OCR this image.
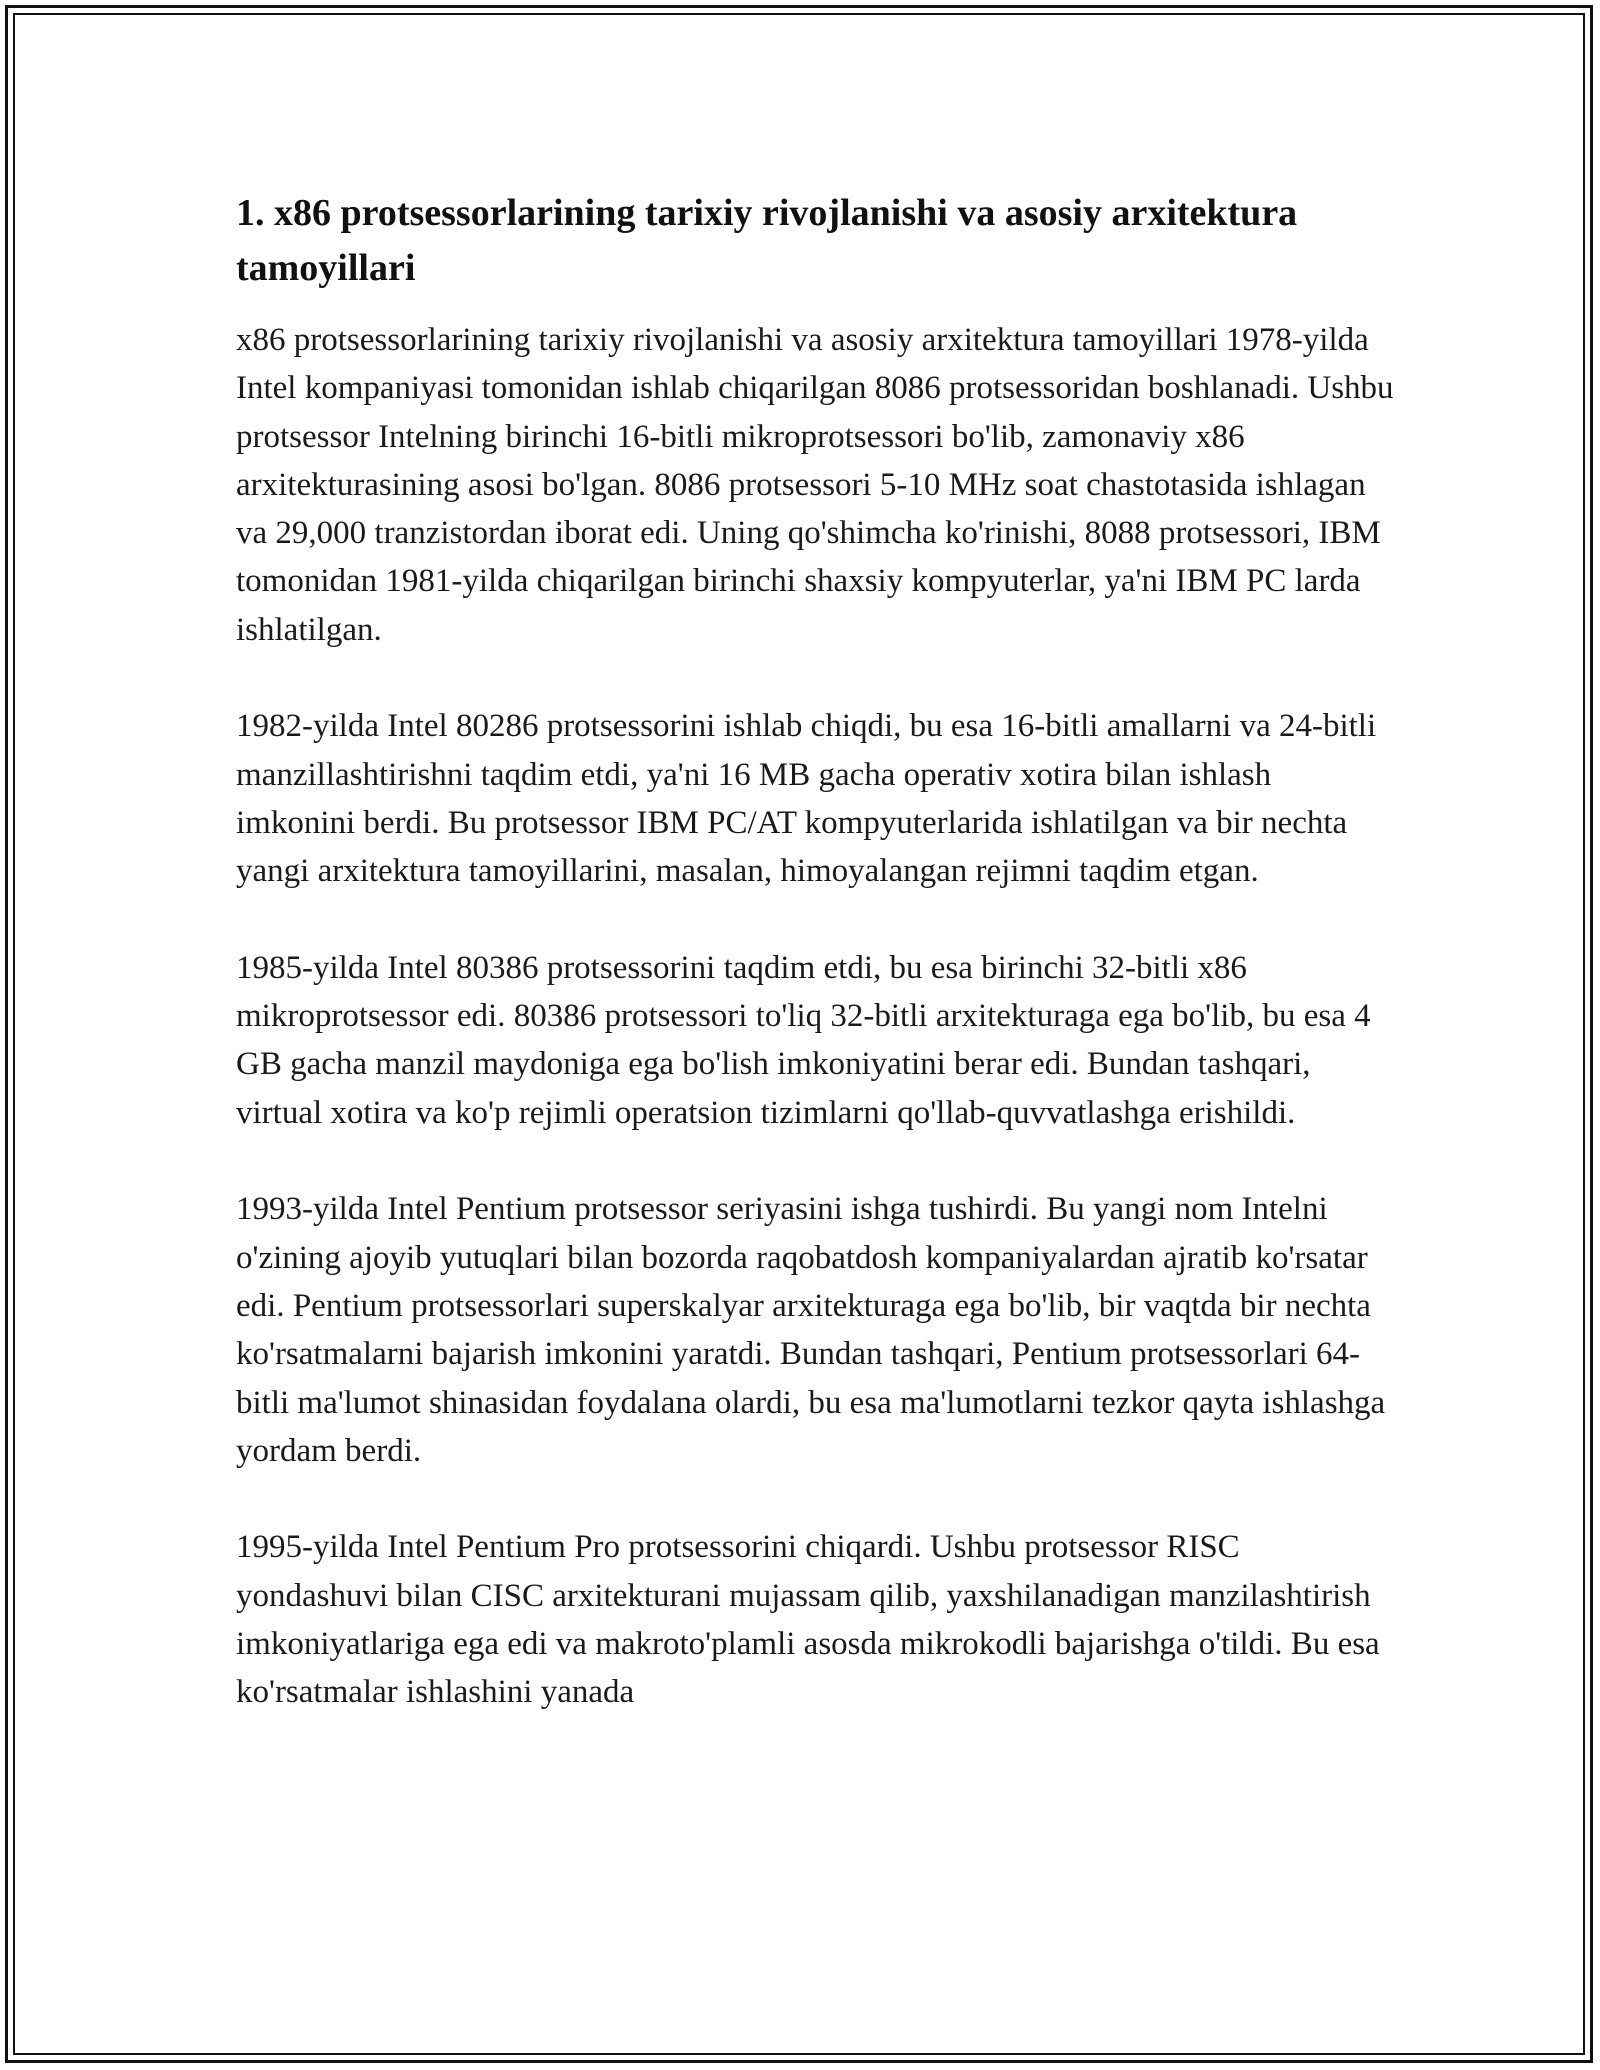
1. x86 protsessorlarining tarixiy rivojlanishi va asosiy arxitektura tamoyillari

x86 protsessorlarining tarixiy rivojlanishi va asosiy arxitektura tamoyillari 1978-yilda Intel kompaniyasi tomonidan ishlab chiqarilgan 8086 protsessoridan boshlanadi. Ushbu protsessor Intelning birinchi 16-bitli mikroprotsessori bo'lib, zamonaviy x86 arxitekturasining asosi bo'lgan. 8086 protsessori 5-10 MHz soat chastotasida ishlagan va 29,000 tranzistordan iborat edi. Uning qo'shimcha ko'rinishi, 8088 protsessori, IBM tomonidan 1981-yilda chiqarilgan birinchi shaxsiy kompyuterlar, ya'ni IBM PC larda ishlatilgan.

1982-yilda Intel 80286 protsessorini ishlab chiqdi, bu esa 16-bitli amallarni va 24-bitli manzillashtirishni taqdim etdi, ya'ni 16 MB gacha operativ xotira bilan ishlash imkonini berdi. Bu protsessor IBM PC/AT kompyuterlarida ishlatilgan va bir nechta yangi arxitektura tamoyillarini, masalan, himoyalangan rejimni taqdim etgan.

1985-yilda Intel 80386 protsessorini taqdim etdi, bu esa birinchi 32-bitli x86 mikroprotsessor edi. 80386 protsessori to'liq 32-bitli arxitekturaga ega bo'lib, bu esa 4 GB gacha manzil maydoniga ega bo'lish imkoniyatini berar edi. Bundan tashqari, virtual xotira va ko'p rejimli operatsion tizimlarni qo'llab-quvvatlashga erishildi.

1993-yilda Intel Pentium protsessor seriyasini ishga tushirdi. Bu yangi nom Intelni o'zining ajoyib yutuqlari bilan bozorda raqobatdosh kompaniyalardan ajratib ko'rsatar edi. Pentium protsessorlari superskalyar arxitekturaga ega bo'lib, bir vaqtda bir nechta ko'rsatmalarni bajarish imkonini yaratdi. Bundan tashqari, Pentium protsessorlari 64-bitli ma'lumot shinasidan foydalana olardi, bu esa ma'lumotlarni tezkor qayta ishlashga yordam berdi.

1995-yilda Intel Pentium Pro protsessorini chiqardi. Ushbu protsessor RISC yondashuvi bilan CISC arxitekturani mujassam qilib, yaxshilanadigan manzilashtirish imkoniyatlariga ega edi va makroto'plamli asosda mikrokodli bajarishga o'tildi. Bu esa ko'rsatmalar ishlashini yanada
